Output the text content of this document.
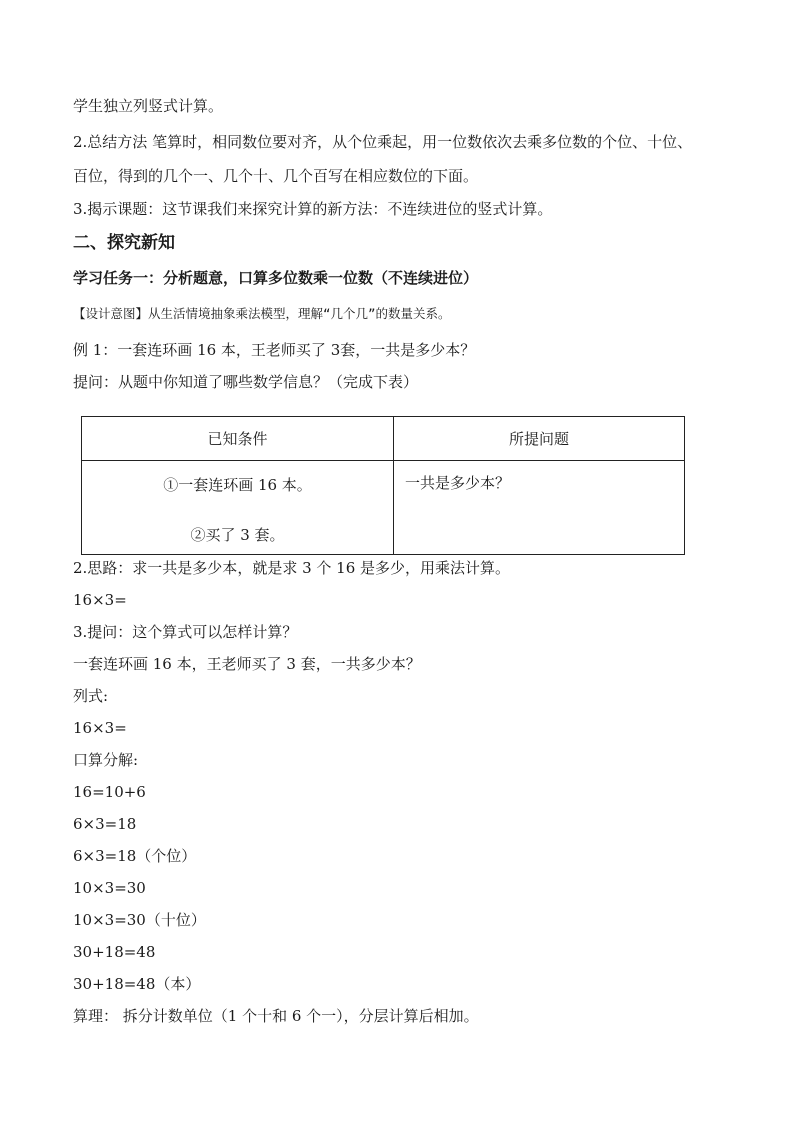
学生独立列竖式计算。
2.总结方法 笔算时，相同数位要对齐，从个位乘起，用一位数依次去乘多位数的个位、十位、
百位，得到的几个一、几个十、几个百写在相应数位的下面。
3.揭示课题：这节课我们来探究计算的新方法：不连续进位的竖式计算。
二、探究新知
学习任务一：分析题意，口算多位数乘一位数（不连续进位）
【设计意图】从生活情境抽象乘法模型，理解“几个几”的数量关系。
例 1：一套连环画 16 本，王老师买了 3套，一共是多少本？
提问：从题中你知道了哪些数学信息？（完成下表）
已知条件	所提问题

①一套连环画 16 本。
②买了 3 套。	一共是多少本？
2.思路：求一共是多少本，就是求 3 个 16 是多少，用乘法计算。
16×3=
3.提问：这个算式可以怎样计算？
一套连环画 16 本，王老师买了 3 套，一共多少本？
列式:
16×3=
口算分解:
16=10+6
6×3=18
6×3=18（个位）
10×3=30
10×3=30（十位）
30+18=48
30+18=48（本）
算理： 拆分计数单位（1 个十和 6 个一），分层计算后相加。
